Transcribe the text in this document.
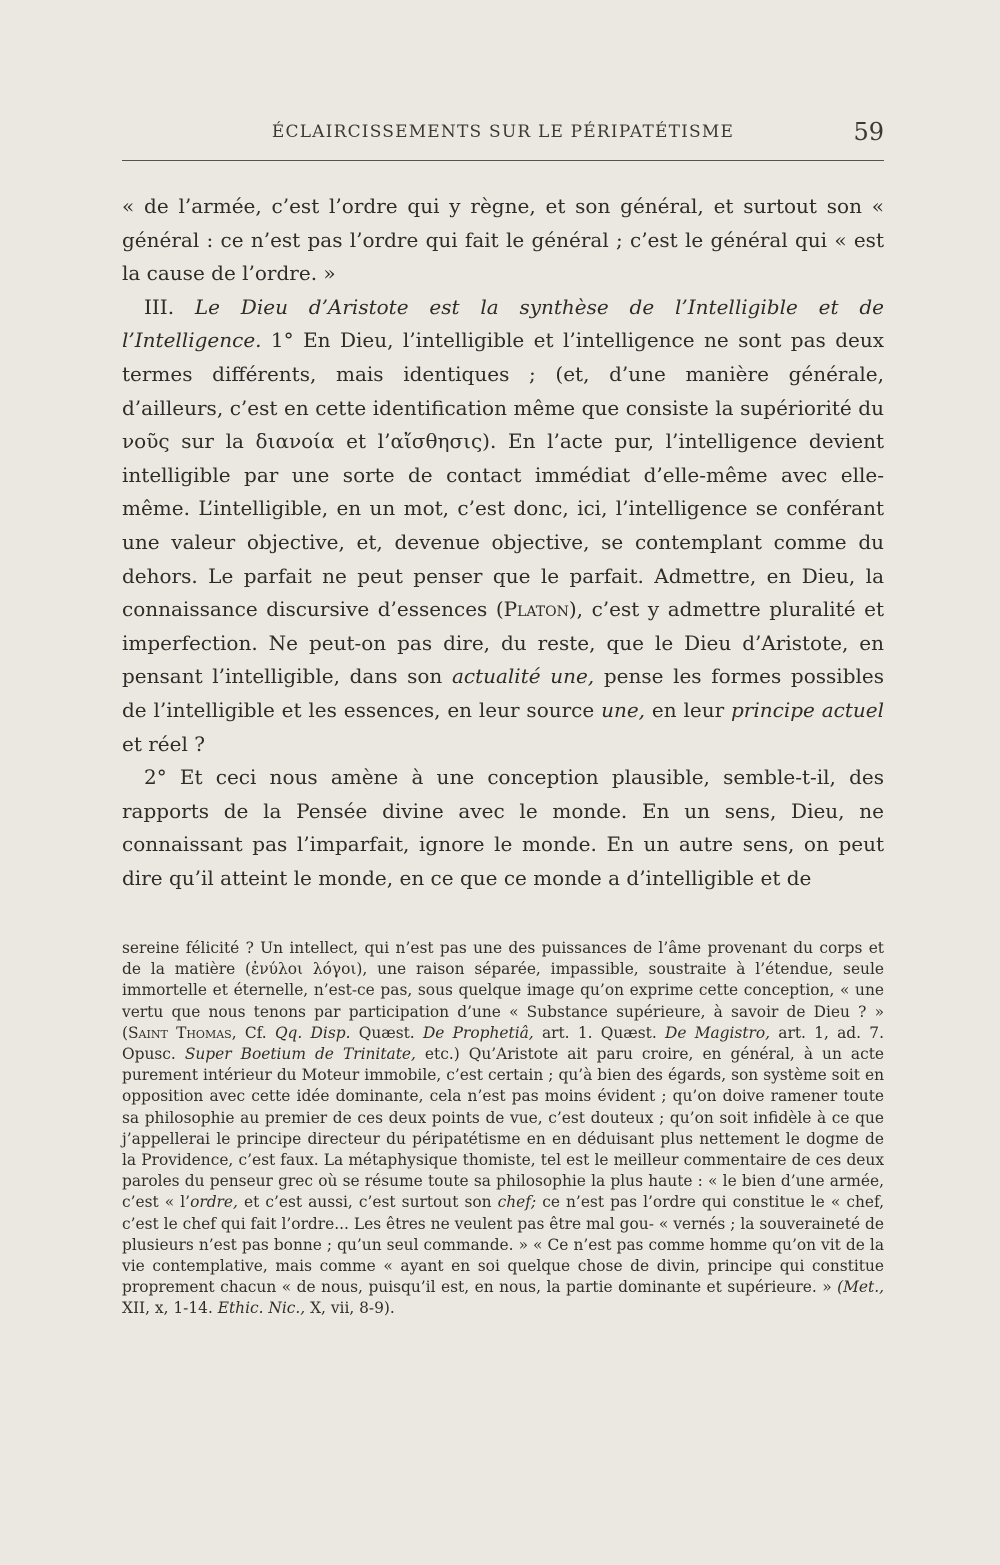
ÉCLAIRCISSEMENTS SUR LE PÉRIPATÉTISME	59

« de l’armée, c’est l’ordre qui y règne, et son général, et surtout son « général : ce n’est pas l’ordre qui fait le général ; c’est le général qui « est la cause de l’ordre. »

III. Le Dieu d’Aristote est la synthèse de l’Intelligible et de l’Intelligence. 1° En Dieu, l’intelligible et l’intelligence ne sont pas deux termes différents, mais identiques ; (et, d’une manière générale, d’ailleurs, c’est en cette identification même que consiste la supériorité du νοῦς sur la διανοία et l’αἴσθησις). En l’acte pur, l’intelligence devient intelligible par une sorte de contact immédiat d’elle-même avec elle-même. L’intelligible, en un mot, c’est donc, ici, l’intelligence se conférant une valeur objective, et, devenue objective, se contemplant comme du dehors. Le parfait ne peut penser que le parfait. Admettre, en Dieu, la connaissance discursive d’essences (Platon), c’est y admettre pluralité et imperfection. Ne peut-on pas dire, du reste, que le Dieu d’Aristote, en pensant l’intelligible, dans son actualité une, pense les formes possibles de l’intelligible et les essences, en leur source une, en leur principe actuel et réel ?

2° Et ceci nous amène à une conception plausible, semble-t-il, des rapports de la Pensée divine avec le monde. En un sens, Dieu, ne connaissant pas l’imparfait, ignore le monde. En un autre sens, on peut dire qu’il atteint le monde, en ce que ce monde a d’intelligible et de

sereine félicité ? Un intellect, qui n’est pas une des puissances de l’âme provenant du corps et de la matière (ἐνύλοι λόγοι), une raison séparée, impassible, soustraite à l’étendue, seule immortelle et éternelle, n’est-ce pas, sous quelque image qu’on exprime cette conception, « une vertu que nous tenons par participation d’une « Substance supérieure, à savoir de Dieu ? » (Saint Thomas, Cf. Qq. Disp. Quæst. De Prophetiâ, art. 1. Quæst. De Magistro, art. 1, ad. 7. Opusc. Super Boetium de Trinitate, etc.) Qu’Aristote ait paru croire, en général, à un acte purement intérieur du Moteur immobile, c’est certain ; qu’à bien des égards, son système soit en opposition avec cette idée dominante, cela n’est pas moins évident ; qu’on doive ramener toute sa philosophie au premier de ces deux points de vue, c’est douteux ; qu’on soit infidèle à ce que j’appellerai le principe directeur du péripatétisme en en déduisant plus nettement le dogme de la Providence, c’est faux. La métaphysique thomiste, tel est le meilleur commentaire de ces deux paroles du penseur grec où se résume toute sa philosophie la plus haute : « le bien d’une armée, c’est « l’ordre, et c’est aussi, c’est surtout son chef; ce n’est pas l’ordre qui constitue le « chef, c’est le chef qui fait l’ordre... Les êtres ne veulent pas être mal gou- « vernés ; la souveraineté de plusieurs n’est pas bonne ; qu’un seul commande. » « Ce n’est pas comme homme qu’on vit de la vie contemplative, mais comme « ayant en soi quelque chose de divin, principe qui constitue proprement chacun « de nous, puisqu’il est, en nous, la partie dominante et supérieure. » (Met., XII, x, 1-14. Ethic. Nic., X, vii, 8-9).
